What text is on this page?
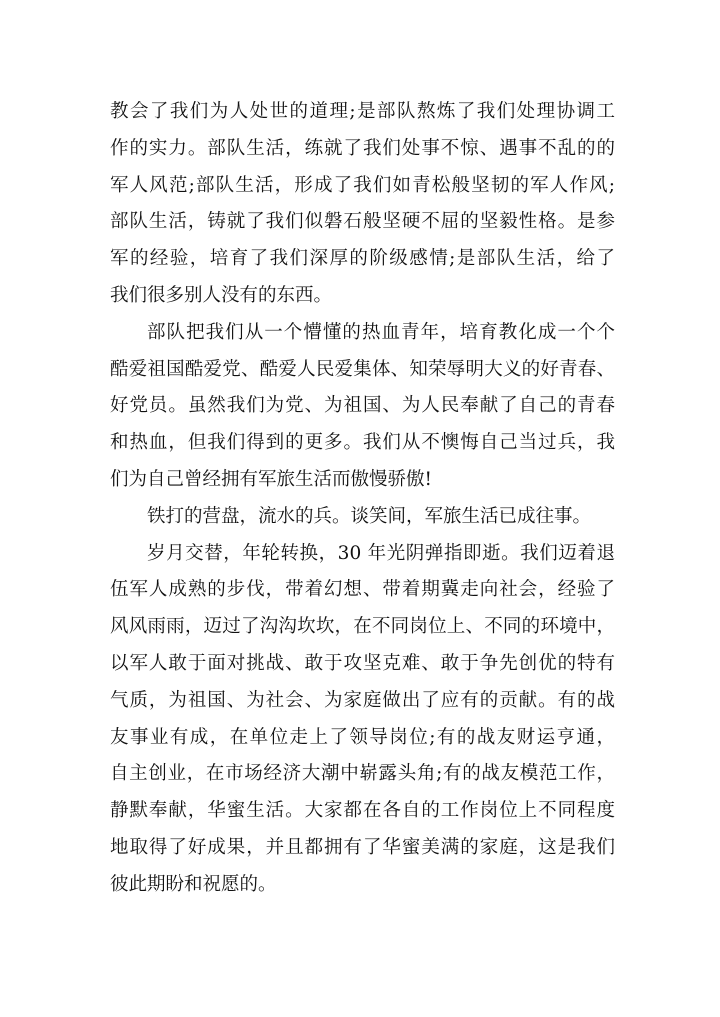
教会了我们为人处世的道理;是部队熬炼了我们处理协调工
作的实力。部队生活，练就了我们处事不惊、遇事不乱的的
军人风范;部队生活，形成了我们如青松般坚韧的军人作风;
部队生活，铸就了我们似磐石般坚硬不屈的坚毅性格。是参
军的经验，培育了我们深厚的阶级感情;是部队生活，给了
我们很多别人没有的东西。
部队把我们从一个懵懂的热血青年，培育教化成一个个
酷爱祖国酷爱党、酷爱人民爱集体、知荣辱明大义的好青春、
好党员。虽然我们为党、为祖国、为人民奉献了自己的青春
和热血，但我们得到的更多。我们从不懊悔自己当过兵，我
们为自己曾经拥有军旅生活而傲慢骄傲!
铁打的营盘，流水的兵。谈笑间，军旅生活已成往事。
岁月交替，年轮转换，30 年光阴弹指即逝。我们迈着退
伍军人成熟的步伐，带着幻想、带着期冀走向社会，经验了
风风雨雨，迈过了沟沟坎坎，在不同岗位上、不同的环境中，
以军人敢于面对挑战、敢于攻坚克难、敢于争先创优的特有
气质，为祖国、为社会、为家庭做出了应有的贡献。有的战
友事业有成，在单位走上了领导岗位;有的战友财运亨通，
自主创业，在市场经济大潮中崭露头角;有的战友模范工作，
静默奉献，华蜜生活。大家都在各自的工作岗位上不同程度
地取得了好成果，并且都拥有了华蜜美满的家庭，这是我们
彼此期盼和祝愿的。
